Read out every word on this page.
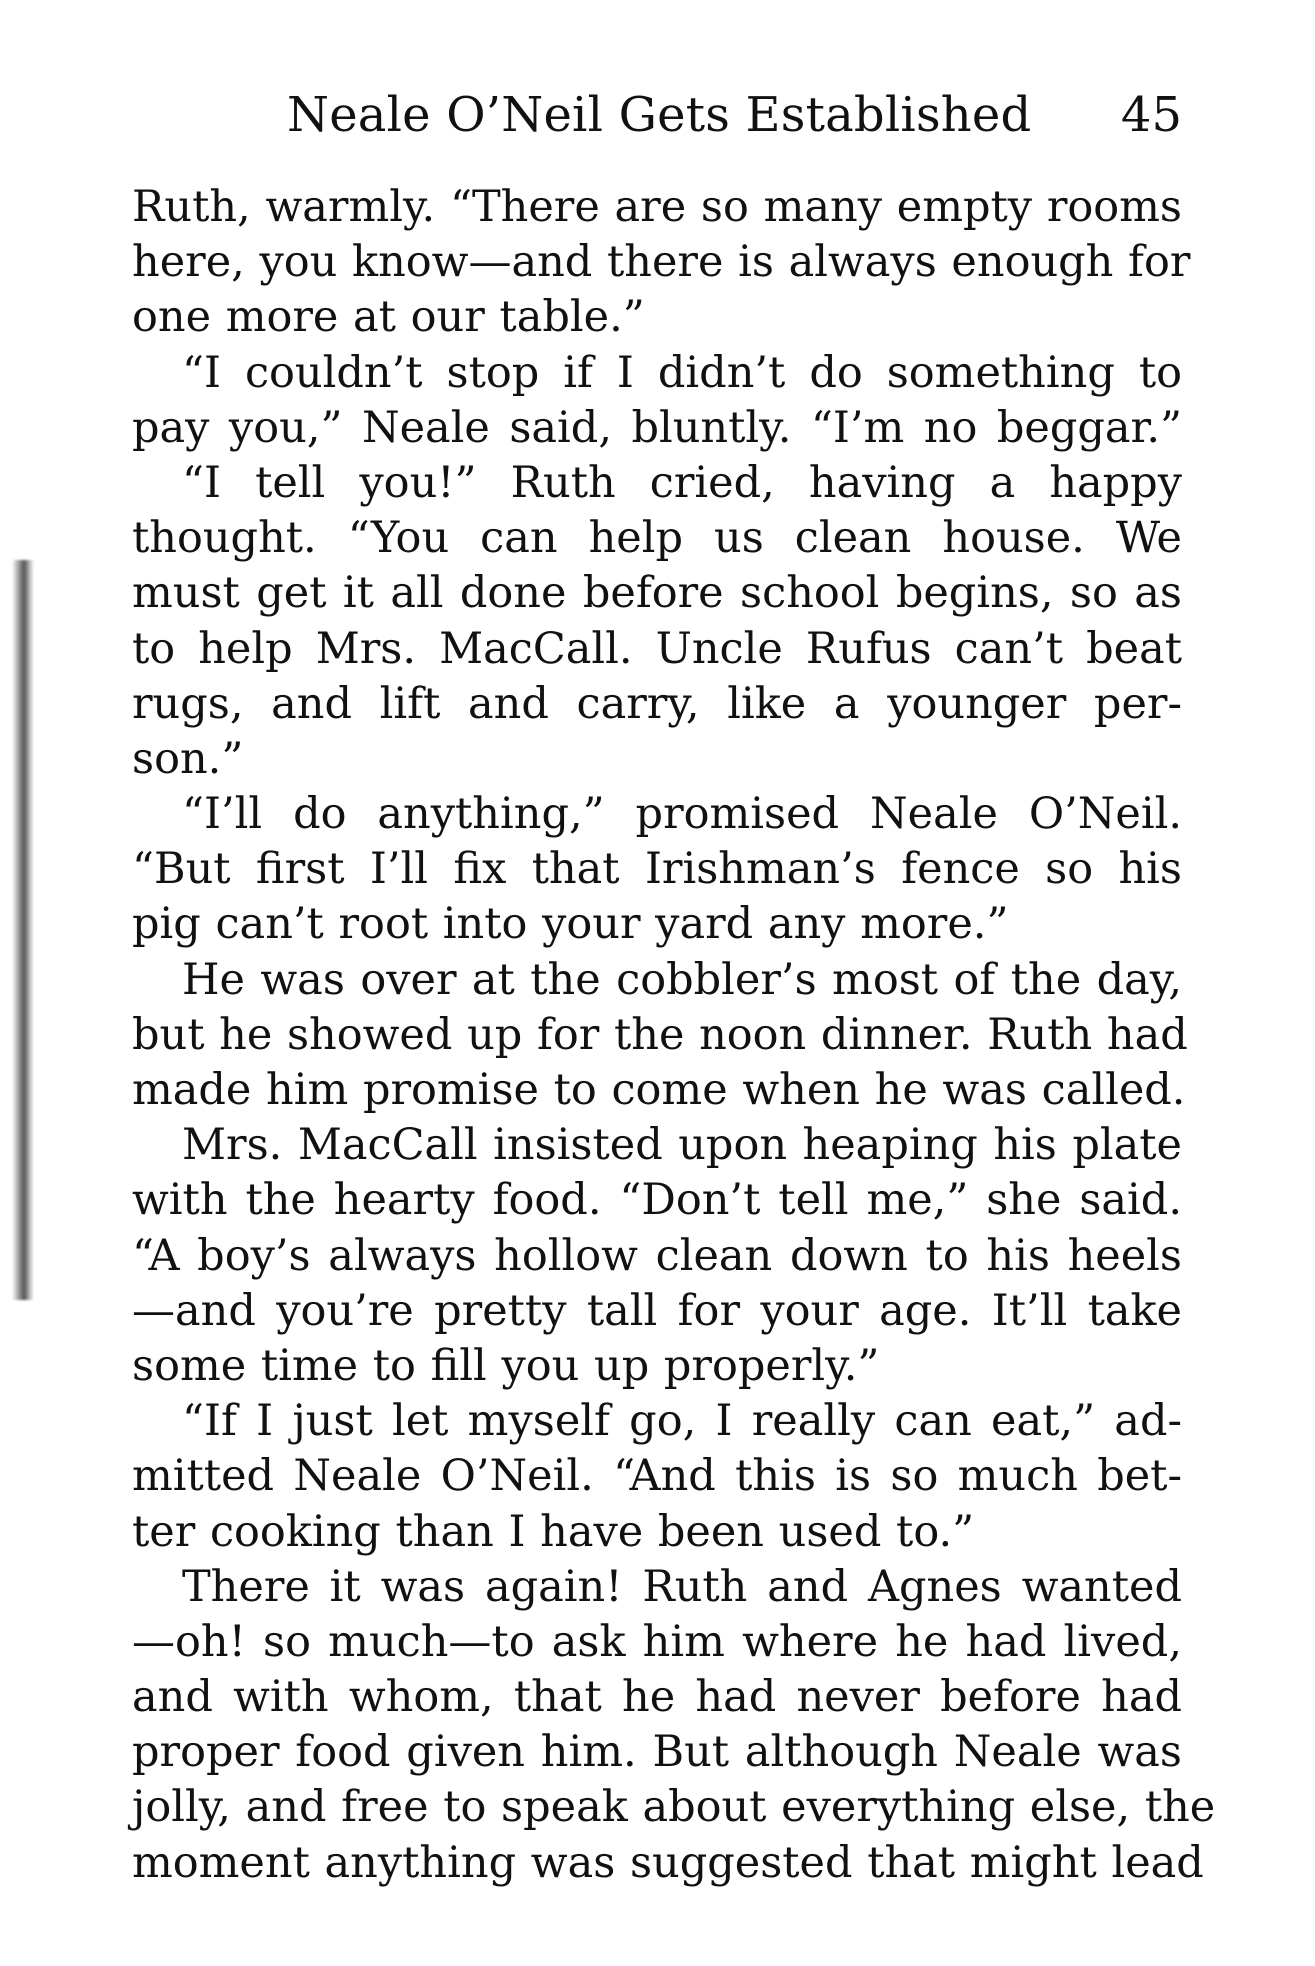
Neale O’Neil Gets Established 45
Ruth, warmly. “There are so many empty rooms
here, you know—and there is always enough for
one more at our table.”
“I couldn’t stop if I didn’t do something to
pay you,” Neale said, bluntly. “I’m no beggar.”
“I tell you!” Ruth cried, having a happy
thought. “You can help us clean house. We
must get it all done before school begins, so as
to help Mrs. MacCall. Uncle Rufus can’t beat
rugs, and lift and carry, like a younger per-
son.”
“I’ll do anything,” promised Neale O’Neil.
“But first I’ll fix that Irishman’s fence so his
pig can’t root into your yard any more.”
He was over at the cobbler’s most of the day,
but he showed up for the noon dinner. Ruth had
made him promise to come when he was called.
Mrs. MacCall insisted upon heaping his plate
with the hearty food. “Don’t tell me,” she said.
“A boy’s always hollow clean down to his heels
—and you’re pretty tall for your age. It’ll take
some time to fill you up properly.”
“If I just let myself go, I really can eat,” ad-
mitted Neale O’Neil. “And this is so much bet-
ter cooking than I have been used to.”
There it was again! Ruth and Agnes wanted
—oh! so much—to ask him where he had lived,
and with whom, that he had never before had
proper food given him. But although Neale was
jolly, and free to speak about everything else, the
moment anything was suggested that might lead
